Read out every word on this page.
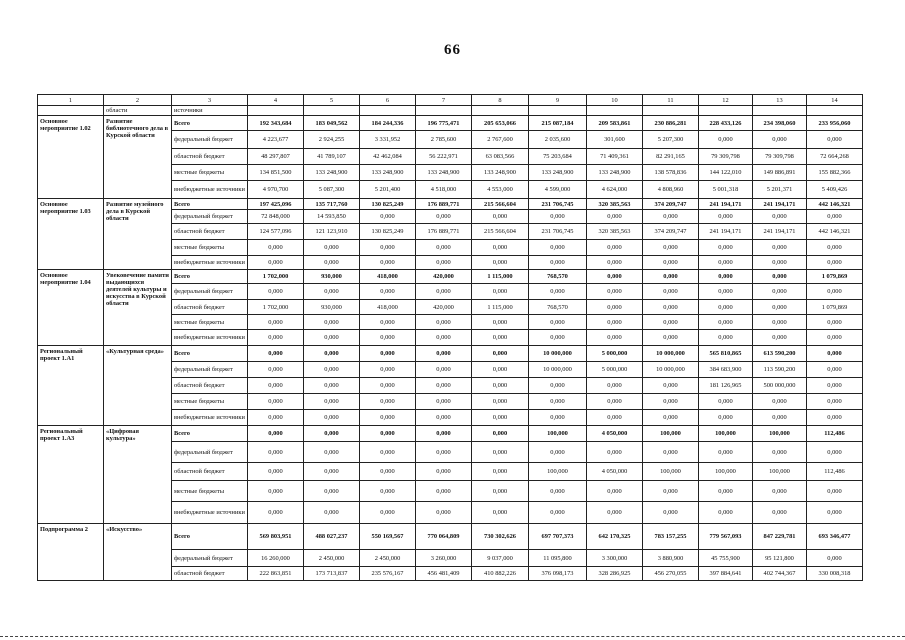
66
1	2	3	4	5	6	7	8	9	10	11	12	13	14
	области	источники											
Основное мероприятие 1.02	Развитие библиотечного дела в Курской области	Всего	192 343,684	183 049,562	184 244,336	196 775,471	205 653,066	215 087,184	209 583,861	230 886,281	228 433,126	234 398,060	233 956,060
		федеральный бюджет	4 223,677	2 924,255	3 331,952	2 785,600	2 767,600	2 035,600	301,600	5 207,300	0,000	0,000	0,000
		областной бюджет	48 297,807	41 789,107	42 462,084	56 222,971	63 083,566	75 203,684	71 409,361	82 291,165	79 309,798	79 309,798	72 664,268
		местные бюджеты	134 851,500	133 248,900	133 248,900	133 248,900	133 248,900	133 248,900	133 248,900	138 578,836	144 122,010	149 886,891	155 882,366
		внебюджетные источники	4 970,700	5 087,300	5 201,400	4 518,000	4 553,000	4 599,000	4 624,000	4 808,960	5 001,318	5 201,371	5 409,426
Основное мероприятие 1.03	Развитие музейного дела в Курской области	Всего	197 425,096	135 717,760	130 825,249	176 889,771	215 566,604	231 706,745	320 385,563	374 209,747	241 194,171	241 194,171	442 146,321
		федеральный бюджет	72 848,000	14 593,850	0,000	0,000	0,000	0,000	0,000	0,000	0,000	0,000	0,000
		областной бюджет	124 577,096	121 123,910	130 825,249	176 889,771	215 566,604	231 706,745	320 385,563	374 209,747	241 194,171	241 194,171	442 146,321
		местные бюджеты	0,000	0,000	0,000	0,000	0,000	0,000	0,000	0,000	0,000	0,000	0,000
		внебюджетные источники	0,000	0,000	0,000	0,000	0,000	0,000	0,000	0,000	0,000	0,000	0,000
Основное мероприятие 1.04	Увековечение памяти выдающихся деятелей культуры и искусства в Курской области	Всего	1 702,000	930,000	418,000	420,000	1 115,000	768,570	0,000	0,000	0,000	0,000	1 079,869
		федеральный бюджет	0,000	0,000	0,000	0,000	0,000	0,000	0,000	0,000	0,000	0,000	0,000
		областной бюджет	1 702,000	930,000	418,000	420,000	1 115,000	768,570	0,000	0,000	0,000	0,000	1 079,869
		местные бюджеты	0,000	0,000	0,000	0,000	0,000	0,000	0,000	0,000	0,000	0,000	0,000
		внебюджетные источники	0,000	0,000	0,000	0,000	0,000	0,000	0,000	0,000	0,000	0,000	0,000
Региональный проект 1.А1	«Культурная среда»	Всего	0,000	0,000	0,000	0,000	0,000	10 000,000	5 000,000	10 000,000	565 810,865	613 590,200	0,000
		федеральный бюджет	0,000	0,000	0,000	0,000	0,000	10 000,000	5 000,000	10 000,000	384 683,900	113 590,200	0,000
		областной бюджет	0,000	0,000	0,000	0,000	0,000	0,000	0,000	0,000	181 126,965	500 000,000	0,000
		местные бюджеты	0,000	0,000	0,000	0,000	0,000	0,000	0,000	0,000	0,000	0,000	0,000
		внебюджетные источники	0,000	0,000	0,000	0,000	0,000	0,000	0,000	0,000	0,000	0,000	0,000
Региональный проект 1.А3	«Цифровая культура»	Всего	0,000	0,000	0,000	0,000	0,000	100,000	4 050,000	100,000	100,000	100,000	112,486
		федеральный бюджет	0,000	0,000	0,000	0,000	0,000	0,000	0,000	0,000	0,000	0,000	0,000
		областной бюджет	0,000	0,000	0,000	0,000	0,000	100,000	4 050,000	100,000	100,000	100,000	112,486
		местные бюджеты	0,000	0,000	0,000	0,000	0,000	0,000	0,000	0,000	0,000	0,000	0,000
		внебюджетные источники	0,000	0,000	0,000	0,000	0,000	0,000	0,000	0,000	0,000	0,000	0,000
Подпрограмма 2	«Искусство»	Всего	569 803,951	488 027,237	550 169,567	770 064,809	730 302,626	697 707,373	642 170,325	783 157,255	779 567,093	847 229,781	693 346,477
		федеральный бюджет	16 260,000	2 450,000	2 450,000	3 260,000	9 037,000	11 095,800	3 300,000	3 880,900	45 755,900	95 121,800	0,000
		областной бюджет	222 863,851	173 713,837	235 576,167	456 481,409	410 882,226	376 098,173	328 286,925	456 270,055	397 884,641	402 744,367	330 008,318
